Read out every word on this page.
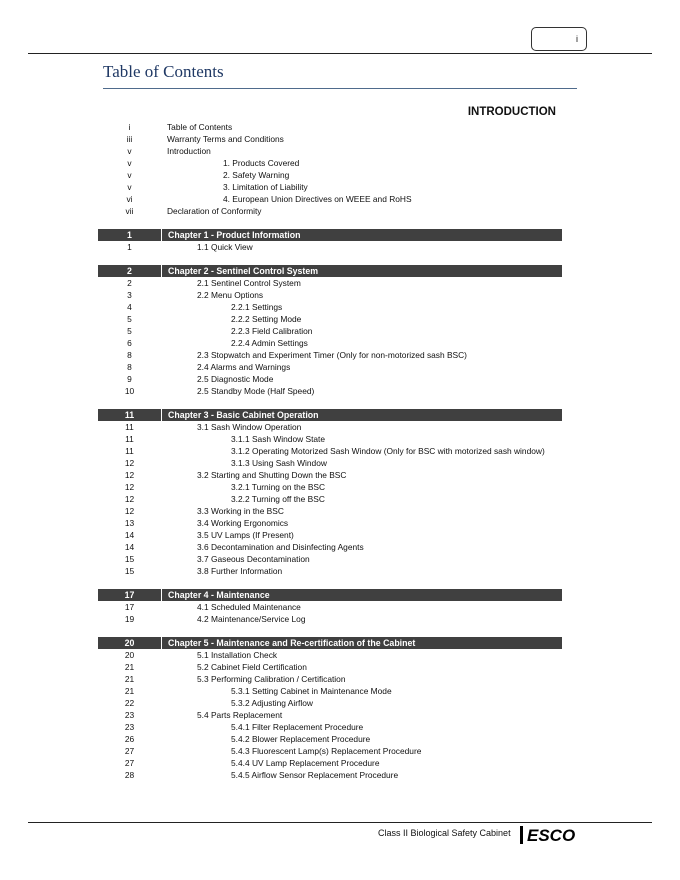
i
Table of Contents
INTRODUCTION
i	Table of Contents
iii	Warranty Terms and Conditions
v	Introduction
v	1. Products Covered
v	2. Safety Warning
v	3. Limitation of Liability
vi	4. European Union Directives on WEEE and RoHS
vii	Declaration of Conformity
1	Chapter 1 - Product Information
1	1.1 Quick View
2	Chapter 2 - Sentinel Control System
2	2.1 Sentinel Control System
3	2.2 Menu Options
4	2.2.1 Settings
5	2.2.2 Setting Mode
5	2.2.3 Field Calibration
6	2.2.4 Admin Settings
8	2.3 Stopwatch and Experiment Timer (Only for non-motorized sash BSC)
8	2.4 Alarms and Warnings
9	2.5 Diagnostic Mode
10	2.5 Standby Mode (Half Speed)
11	Chapter 3 - Basic Cabinet Operation
11	3.1 Sash Window Operation
11	3.1.1 Sash Window State
11	3.1.2 Operating Motorized Sash Window (Only for BSC with motorized sash window)
12	3.1.3 Using Sash Window
12	3.2 Starting and Shutting Down the BSC
12	3.2.1 Turning on the BSC
12	3.2.2 Turning off the BSC
12	3.3 Working in the BSC
13	3.4 Working Ergonomics
14	3.5 UV Lamps (If Present)
14	3.6 Decontamination and Disinfecting Agents
15	3.7 Gaseous Decontamination
15	3.8 Further Information
17	Chapter 4 - Maintenance
17	4.1 Scheduled Maintenance
19	4.2 Maintenance/Service Log
20	Chapter 5 - Maintenance and Re-certification of the Cabinet
20	5.1 Installation Check
21	5.2 Cabinet Field Certification
21	5.3 Performing Calibration / Certification
21	5.3.1 Setting Cabinet in Maintenance Mode
22	5.3.2 Adjusting Airflow
23	5.4 Parts Replacement
23	5.4.1 Filter Replacement Procedure
26	5.4.2 Blower Replacement Procedure
27	5.4.3 Fluorescent Lamp(s) Replacement Procedure
27	5.4.4 UV Lamp Replacement Procedure
28	5.4.5 Airflow Sensor Replacement Procedure
Class II Biological Safety Cabinet ESCO
